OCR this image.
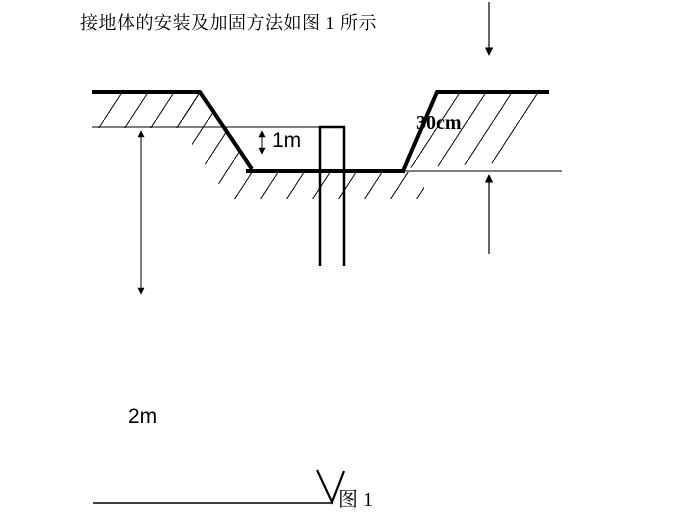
接地体的安装及加固方法如图 1 所示
1m
30cm
2m
图 1
